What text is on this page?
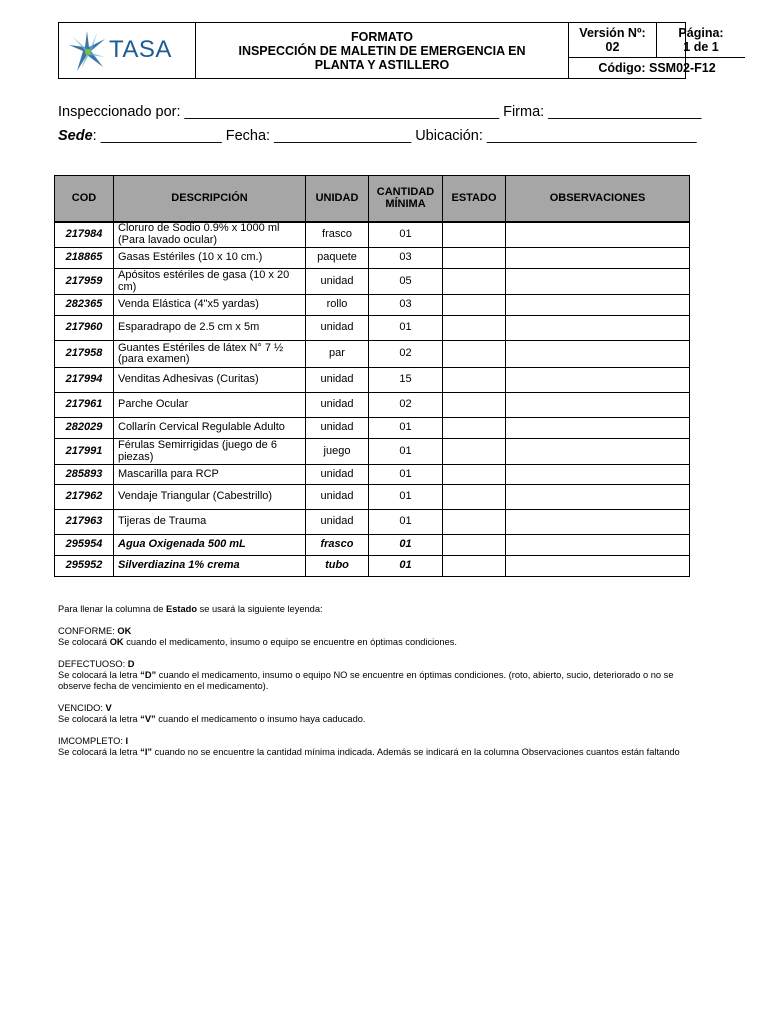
TASA	FORMATO
INSPECCIÓN DE MALETIN DE EMERGENCIA EN
PLANTA Y ASTILLERO
Versión Nº:
02
Página:
1 de 1
Código: SSM02-F12
Inspeccionado por: _______________________________________ Firma: ___________________
Sede: _______________ Fecha: _________________ Ubicación: __________________________
COD	DESCRIPCIÓN	UNIDAD	CANTIDAD MÍNIMA	ESTADO	OBSERVACIONES
217984	Cloruro de Sodio 0.9% x 1000 ml (Para lavado ocular)	frasco	01		
218865	Gasas Estériles (10 x 10 cm.)	paquete	03		
217959	Apósitos estériles de gasa (10 x 20 cm)	unidad	05		
282365	Venda Elástica (4"x5 yardas)	rollo	03		
217960	Esparadrapo de 2.5 cm x 5m	unidad	01		
217958	Guantes Estériles de látex N° 7 ½ (para examen)	par	02		
217994	Venditas Adhesivas (Curitas)	unidad	15		
217961	Parche Ocular	unidad	02		
282029	Collarín Cervical Regulable Adulto	unidad	01		
217991	Férulas Semirrigidas (juego de 6 piezas)	juego	01		
285893	Mascarilla para RCP	unidad	01		
217962	Vendaje Triangular (Cabestrillo)	unidad	01		
217963	Tijeras de Trauma	unidad	01		
295954	Agua Oxigenada 500 mL	frasco	01		
295952	Silverdiazina 1% crema	tubo	01		

Para llenar la columna de Estado se usará la siguiente leyenda:

CONFORME: OK

Se colocará OK cuando el medicamento, insumo o equipo se encuentre en óptimas condiciones.

DEFECTUOSO: D

Se colocará la letra “D” cuando el medicamento, insumo o equipo NO se encuentre en óptimas condiciones. (roto, abierto, sucio, deteriorado o no se observe fecha de vencimiento en el medicamento).

VENCIDO: V

Se colocará la letra “V” cuando el medicamento o insumo haya caducado.

IMCOMPLETO: I

Se colocará la letra “I” cuando no se encuentre la cantidad mínima indicada. Además se indicará en la columna Observaciones cuantos están faltando
